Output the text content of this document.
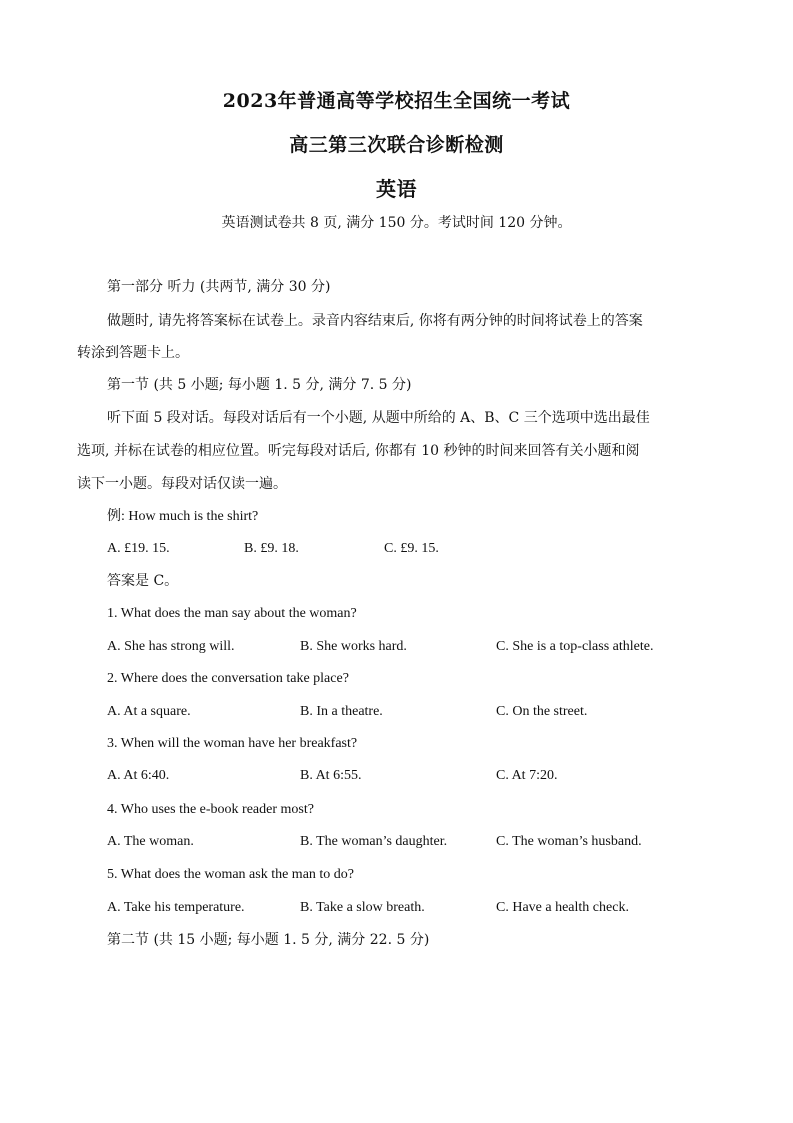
2023年普通高等学校招生全国统一考试
高三第三次联合诊断检测
英语
英语测试卷共 8 页, 满分 150 分。考试时间 120 分钟。
第一部分 听力 (共两节, 满分 30 分)
做题时, 请先将答案标在试卷上。录音内容结束后, 你将有两分钟的时间将试卷上的答案
转涂到答题卡上。
第一节 (共 5 小题; 每小题 1. 5 分, 满分 7. 5 分)
听下面 5 段对话。每段对话后有一个小题, 从题中所给的 A、B、C 三个选项中选出最佳
选项, 并标在试卷的相应位置。听完每段对话后, 你都有 10 秒钟的时间来回答有关小题和阅
读下一小题。每段对话仅读一遍。
例: How much is the shirt?
A. £19. 15.	B. £9. 18.	C. £9. 15.
答案是 C。
1. What does the man say about the woman?
A. She has strong will.	B. She works hard.	C. She is a top-class athlete.
2. Where does the conversation take place?
A. At a square.	B. In a theatre.	C. On the street.
3. When will the woman have her breakfast?
A. At 6:40.	B. At 6:55.	C. At 7:20.
4. Who uses the e-book reader most?
A. The woman.	B. The woman’s daughter.	C. The woman’s husband.
5. What does the woman ask the man to do?
A. Take his temperature.	B. Take a slow breath.	C. Have a health check.
第二节 (共 15 小题; 每小题 1. 5 分, 满分 22. 5 分)
